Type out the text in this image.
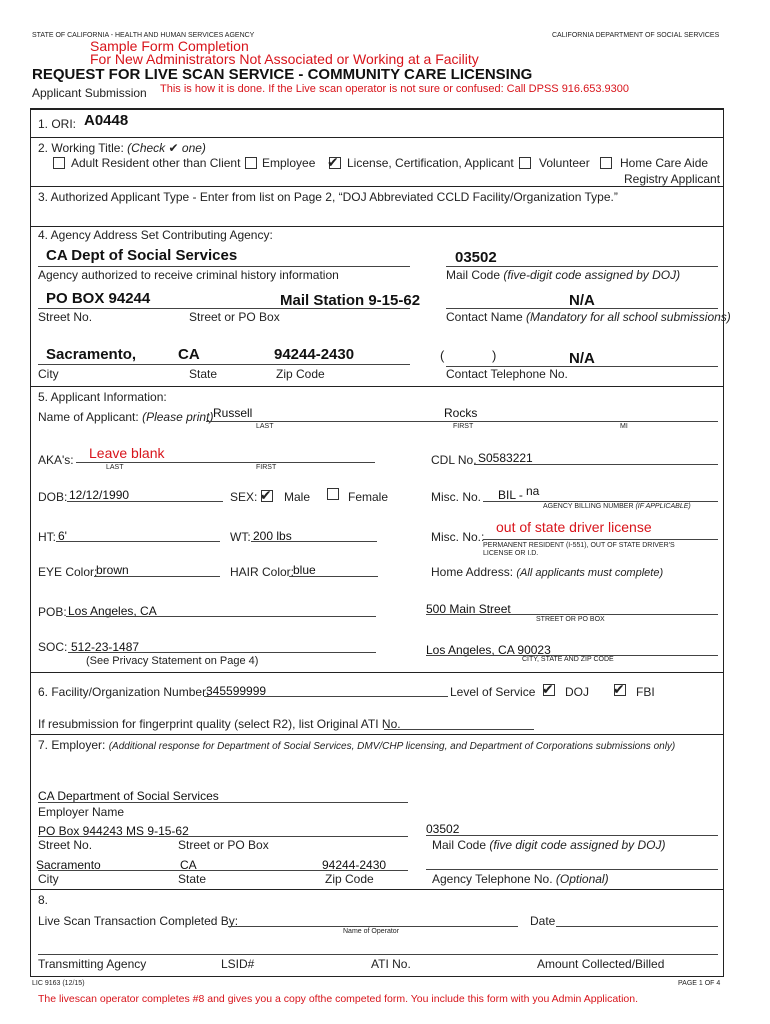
STATE OF CALIFORNIA - HEALTH AND HUMAN SERVICES AGENCY	CALIFORNIA DEPARTMENT OF SOCIAL SERVICES
Sample Form Completion
For New Administrators Not Associated or Working at a Facility
REQUEST FOR LIVE SCAN SERVICE - COMMUNITY CARE LICENSING
Applicant Submission This is how it is done. If the Live scan operator is not sure or confused: Call DPSS 916.653.9300
1. ORI: A0448
2. Working Title: (Check ✔ one)
Adult Resident other than Client Employee ✔ License, Certification, Applicant Volunteer	Home Care Aide
Registry Applicant
3. Authorized Applicant Type - Enter from list on Page 2, “DOJ Abbreviated CCLD Facility/Organization Type.”
4. Agency Address Set Contributing Agency:
CA Dept of Social Services
Agency authorized to receive criminal history information
03502
Mail Code (five-digit code assigned by DOJ)
PO BOX 94244	Mail Station 9-15-62
Street No.	Street or PO Box
N/A
Contact Name (Mandatory for all school submissions)
Sacramento,	CA	94244-2430
City	State	Zip Code
(	)	N/A
Contact Telephone No.
5. Applicant Information:
Name of Applicant: (Please print) Russell	Rocks
LAST	FIRST	MI
AKA's: Leave blank
LAST	FIRST
CDL No. S0583221
DOB: 12/12/1990	SEX: ✔ Male	Female	Misc. No. BIL - na
AGENCY BILLING NUMBER (IF APPLICABLE)
HT: 6'	WT: 200 lbs	Misc. No.:
out of state driver license
PERMANENT RESIDENT (I-551), OUT OF STATE DRIVER'S
LICENSE OR I.D.
EYE Color:
brown	HAIR Color:
blue	Home Address: (All applicants must complete)
POB: Los Angeles, CA	500 Main Street
STREET OR PO BOX
SOC: 512-23-1487
(See Privacy Statement on Page 4)
Los Angeles, CA 90023
CITY, STATE AND ZIP CODE
6. Facility/Organization Number:
345599999	Level of Service ✔ DOJ ✔ FBI
If resubmission for fingerprint quality (select R2), list Original ATI No.
7. Employer: (Additional response for Department of Social Services, DMV/CHP licensing, and Department of Corporations submissions only)
CA Department of Social Services
Employer Name
PO Box 944243 MS 9-15-62
Street No.	Street or PO Box
03502
Mail Code (five digit code assigned by DOJ)
Sacramento	CA	94244-2430
City	State	Zip Code	Agency Telephone No. (Optional)
8.
Live Scan Transaction Completed By:
Name of Operator
Date
Transmitting Agency	LSID#	ATI No.	Amount Collected/Billed
LIC 9163 (12/15)	PAGE 1 OF 4
The livescan operator completes #8 and gives you a copy ofthe competed form. You include this form with you Admin Application.
